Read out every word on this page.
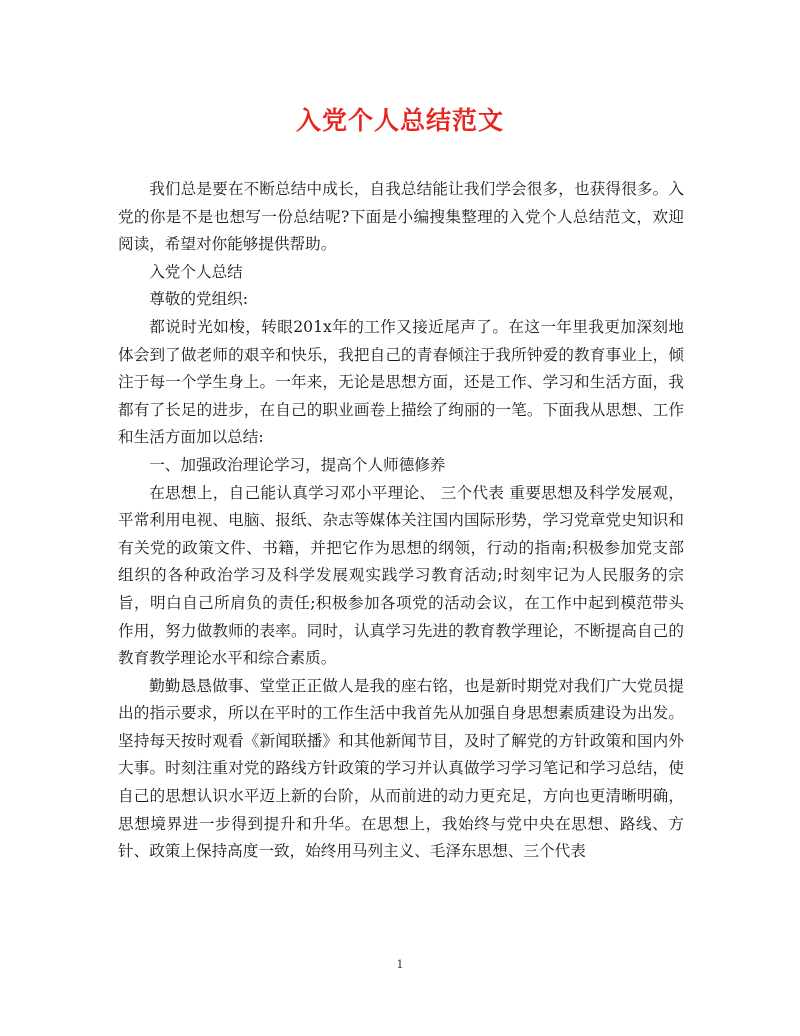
入党个人总结范文

我们总是要在不断总结中成长，自我总结能让我们学会很多，也获得很多。入党的你是不是也想写一份总结呢?下面是小编搜集整理的入党个人总结范文，欢迎阅读，希望对你能够提供帮助。

入党个人总结

尊敬的党组织:

都说时光如梭，转眼201x年的工作又接近尾声了。在这一年里我更加深刻地体会到了做老师的艰辛和快乐，我把自己的青春倾注于我所钟爱的教育事业上，倾注于每一个学生身上。一年来，无论是思想方面，还是工作、学习和生活方面，我都有了长足的进步，在自己的职业画卷上描绘了绚丽的一笔。下面我从思想、工作和生活方面加以总结:

一、加强政治理论学习，提高个人师德修养

在思想上，自己能认真学习邓小平理论、 三个代表 重要思想及科学发展观，平常利用电视、电脑、报纸、杂志等媒体关注国内国际形势，学习党章党史知识和有关党的政策文件、书籍，并把它作为思想的纲领，行动的指南;积极参加党支部组织的各种政治学习及科学发展观实践学习教育活动;时刻牢记为人民服务的宗旨，明白自己所肩负的责任;积极参加各项党的活动会议，在工作中起到模范带头作用，努力做教师的表率。同时，认真学习先进的教育教学理论，不断提高自己的教育教学理论水平和综合素质。

勤勤恳恳做事、堂堂正正做人是我的座右铭，也是新时期党对我们广大党员提出的指示要求，所以在平时的工作生活中我首先从加强自身思想素质建设为出发。坚持每天按时观看《新闻联播》和其他新闻节目，及时了解党的方针政策和国内外大事。时刻注重对党的路线方针政策的学习并认真做学习学习笔记和学习总结，使自己的思想认识水平迈上新的台阶，从而前进的动力更充足，方向也更清晰明确，思想境界进一步得到提升和升华。在思想上，我始终与党中央在思想、路线、方针、政策上保持高度一致，始终用马列主义、毛泽东思想、三个代表

1
